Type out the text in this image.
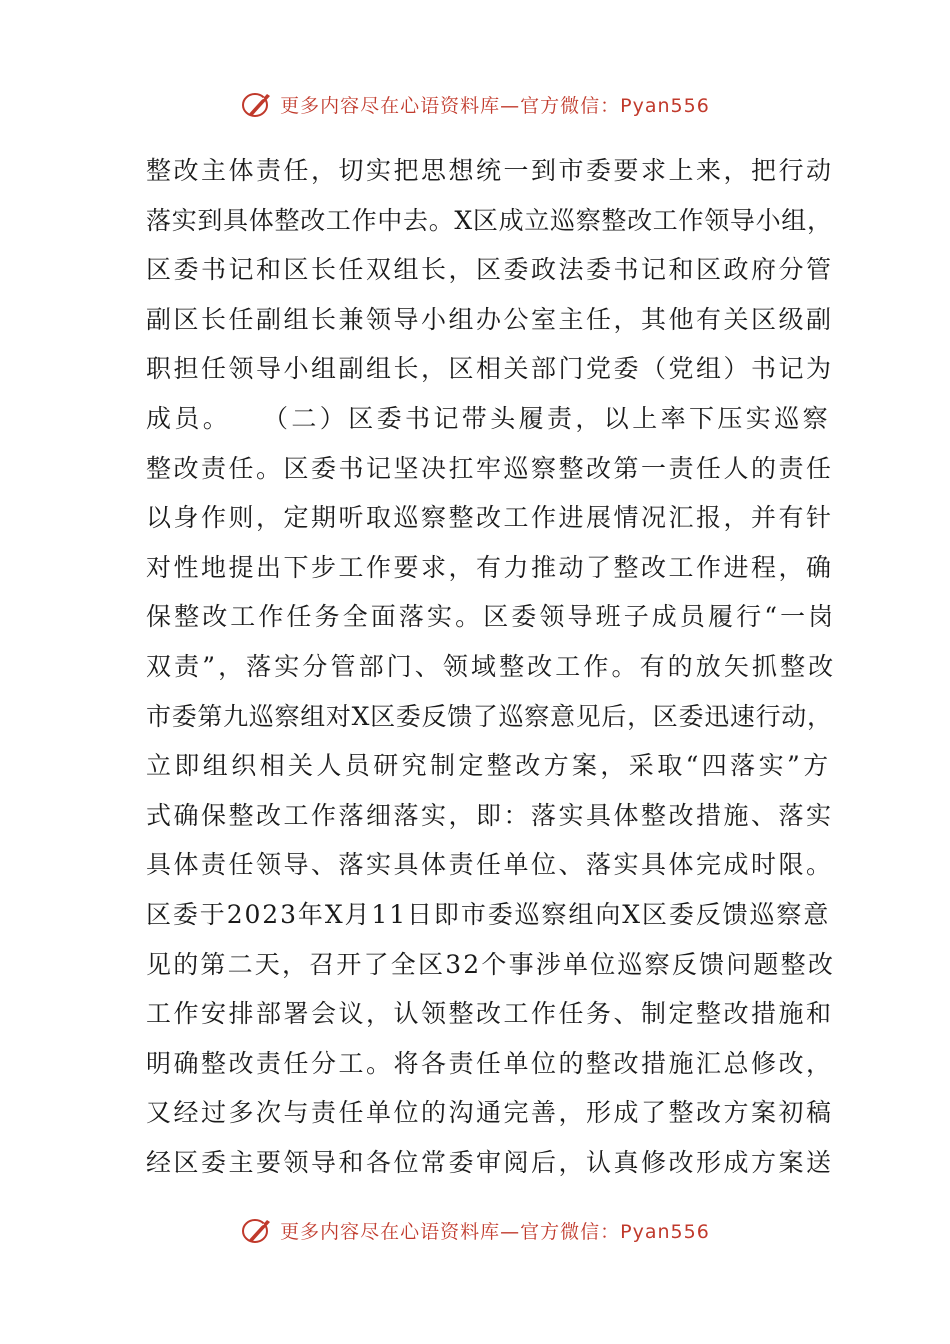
更多内容尽在心语资料库—官方微信：Pyan556
整改主体责任，切实把思想统一到市委要求上来，把行动
落实到具体整改工作中去。X区成立巡察整改工作领导小组，
区委书记和区长任双组长，区委政法委书记和区政府分管
副区长任副组长兼领导小组办公室主任，其他有关区级副
职担任领导小组副组长，区相关部门党委（党组）书记为
成员。　　（二）区委书记带头履责，以上率下压实巡察
整改责任。区委书记坚决扛牢巡察整改第一责任人的责任
以身作则，定期听取巡察整改工作进展情况汇报，并有针
对性地提出下步工作要求，有力推动了整改工作进程，确
保整改工作任务全面落实。区委领导班子成员履行“一岗
双责”，落实分管部门、领域整改工作。有的放矢抓整改
市委第九巡察组对X区委反馈了巡察意见后，区委迅速行动，
立即组织相关人员研究制定整改方案，采取“四落实”方
式确保整改工作落细落实，即：落实具体整改措施、落实
具体责任领导、落实具体责任单位、落实具体完成时限。
区委于2023年X月11日即市委巡察组向X区委反馈巡察意
见的第二天，召开了全区32个事涉单位巡察反馈问题整改
工作安排部署会议，认领整改工作任务、制定整改措施和
明确整改责任分工。将各责任单位的整改措施汇总修改，
又经过多次与责任单位的沟通完善，形成了整改方案初稿
经区委主要领导和各位常委审阅后，认真修改形成方案送
更多内容尽在心语资料库—官方微信：Pyan556
